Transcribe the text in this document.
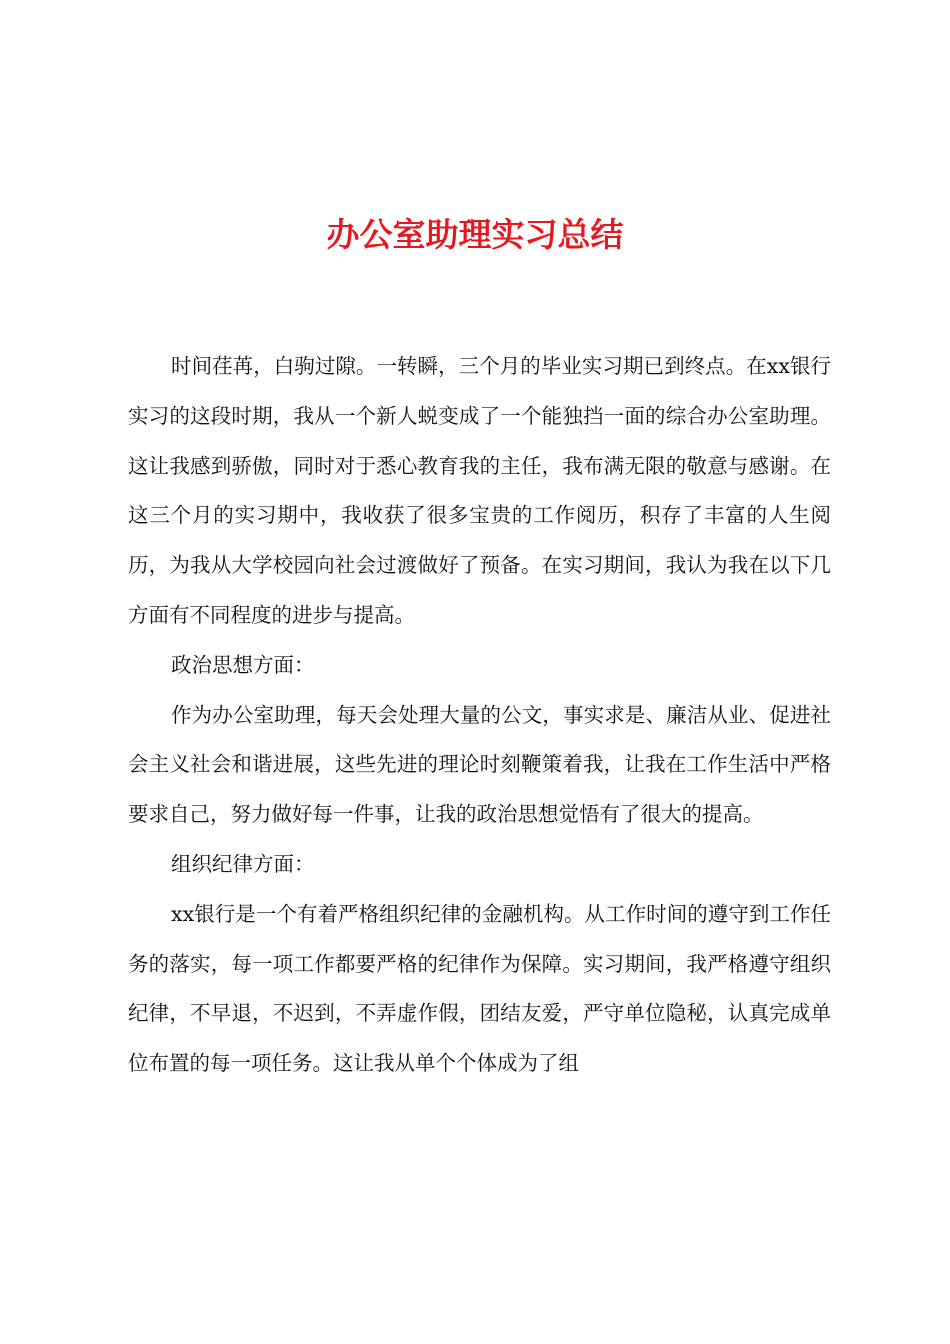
办公室助理实习总结

时间荏苒，白驹过隙。一转瞬，三个月的毕业实习期已到终点。在xx银行实习的这段时期，我从一个新人蜕变成了一个能独挡一面的综合办公室助理。这让我感到骄傲，同时对于悉心教育我的主任，我布满无限的敬意与感谢。在这三个月的实习期中，我收获了很多宝贵的工作阅历，积存了丰富的人生阅历，为我从大学校园向社会过渡做好了预备。在实习期间，我认为我在以下几方面有不同程度的进步与提高。

政治思想方面：

作为办公室助理，每天会处理大量的公文，事实求是、廉洁从业、促进社会主义社会和谐进展，这些先进的理论时刻鞭策着我，让我在工作生活中严格要求自己，努力做好每一件事，让我的政治思想觉悟有了很大的提高。

组织纪律方面：

xx银行是一个有着严格组织纪律的金融机构。从工作时间的遵守到工作任务的落实，每一项工作都要严格的纪律作为保障。实习期间，我严格遵守组织纪律，不早退，不迟到，不弄虚作假，团结友爱，严守单位隐秘，认真完成单位布置的每一项任务。这让我从单个个体成为了组
